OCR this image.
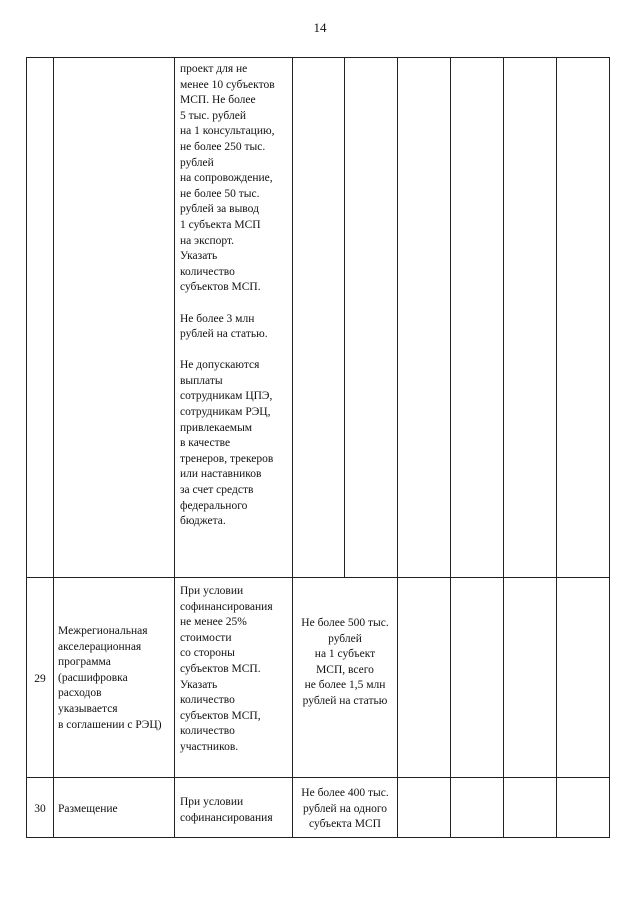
14
проект для не
менее 10 субъектов
МСП. Не более
5 тыс. рублей
на 1 консультацию,
не более 250 тыс.
рублей
на сопровождение,
не более 50 тыс.
рублей за вывод
1 субъекта МСП
на экспорт.
Указать
количество
субъектов МСП.

Не более 3 млн
рублей на статью.

Не допускаются
выплаты
сотрудникам ЦПЭ,
сотрудникам РЭЦ,
привлекаемым
в качестве
тренеров, трекеров
или наставников
за счет средств
федерального
бюджета.
29
Межрегиональная
акселерационная
программа
(расшифровка
расходов
указывается
в соглашении с РЭЦ)
При условии
софинансирования
не менее 25%
стоимости
со стороны
субъектов МСП.
Указать
количество
субъектов МСП,
количество
участников.
Не более 500 тыс.
рублей
на 1 субъект
МСП, всего
не более 1,5 млн
рублей на статью
30	Размещение
При условии
софинансирования
Не более 400 тыс.
рублей на одного
субъекта МСП
